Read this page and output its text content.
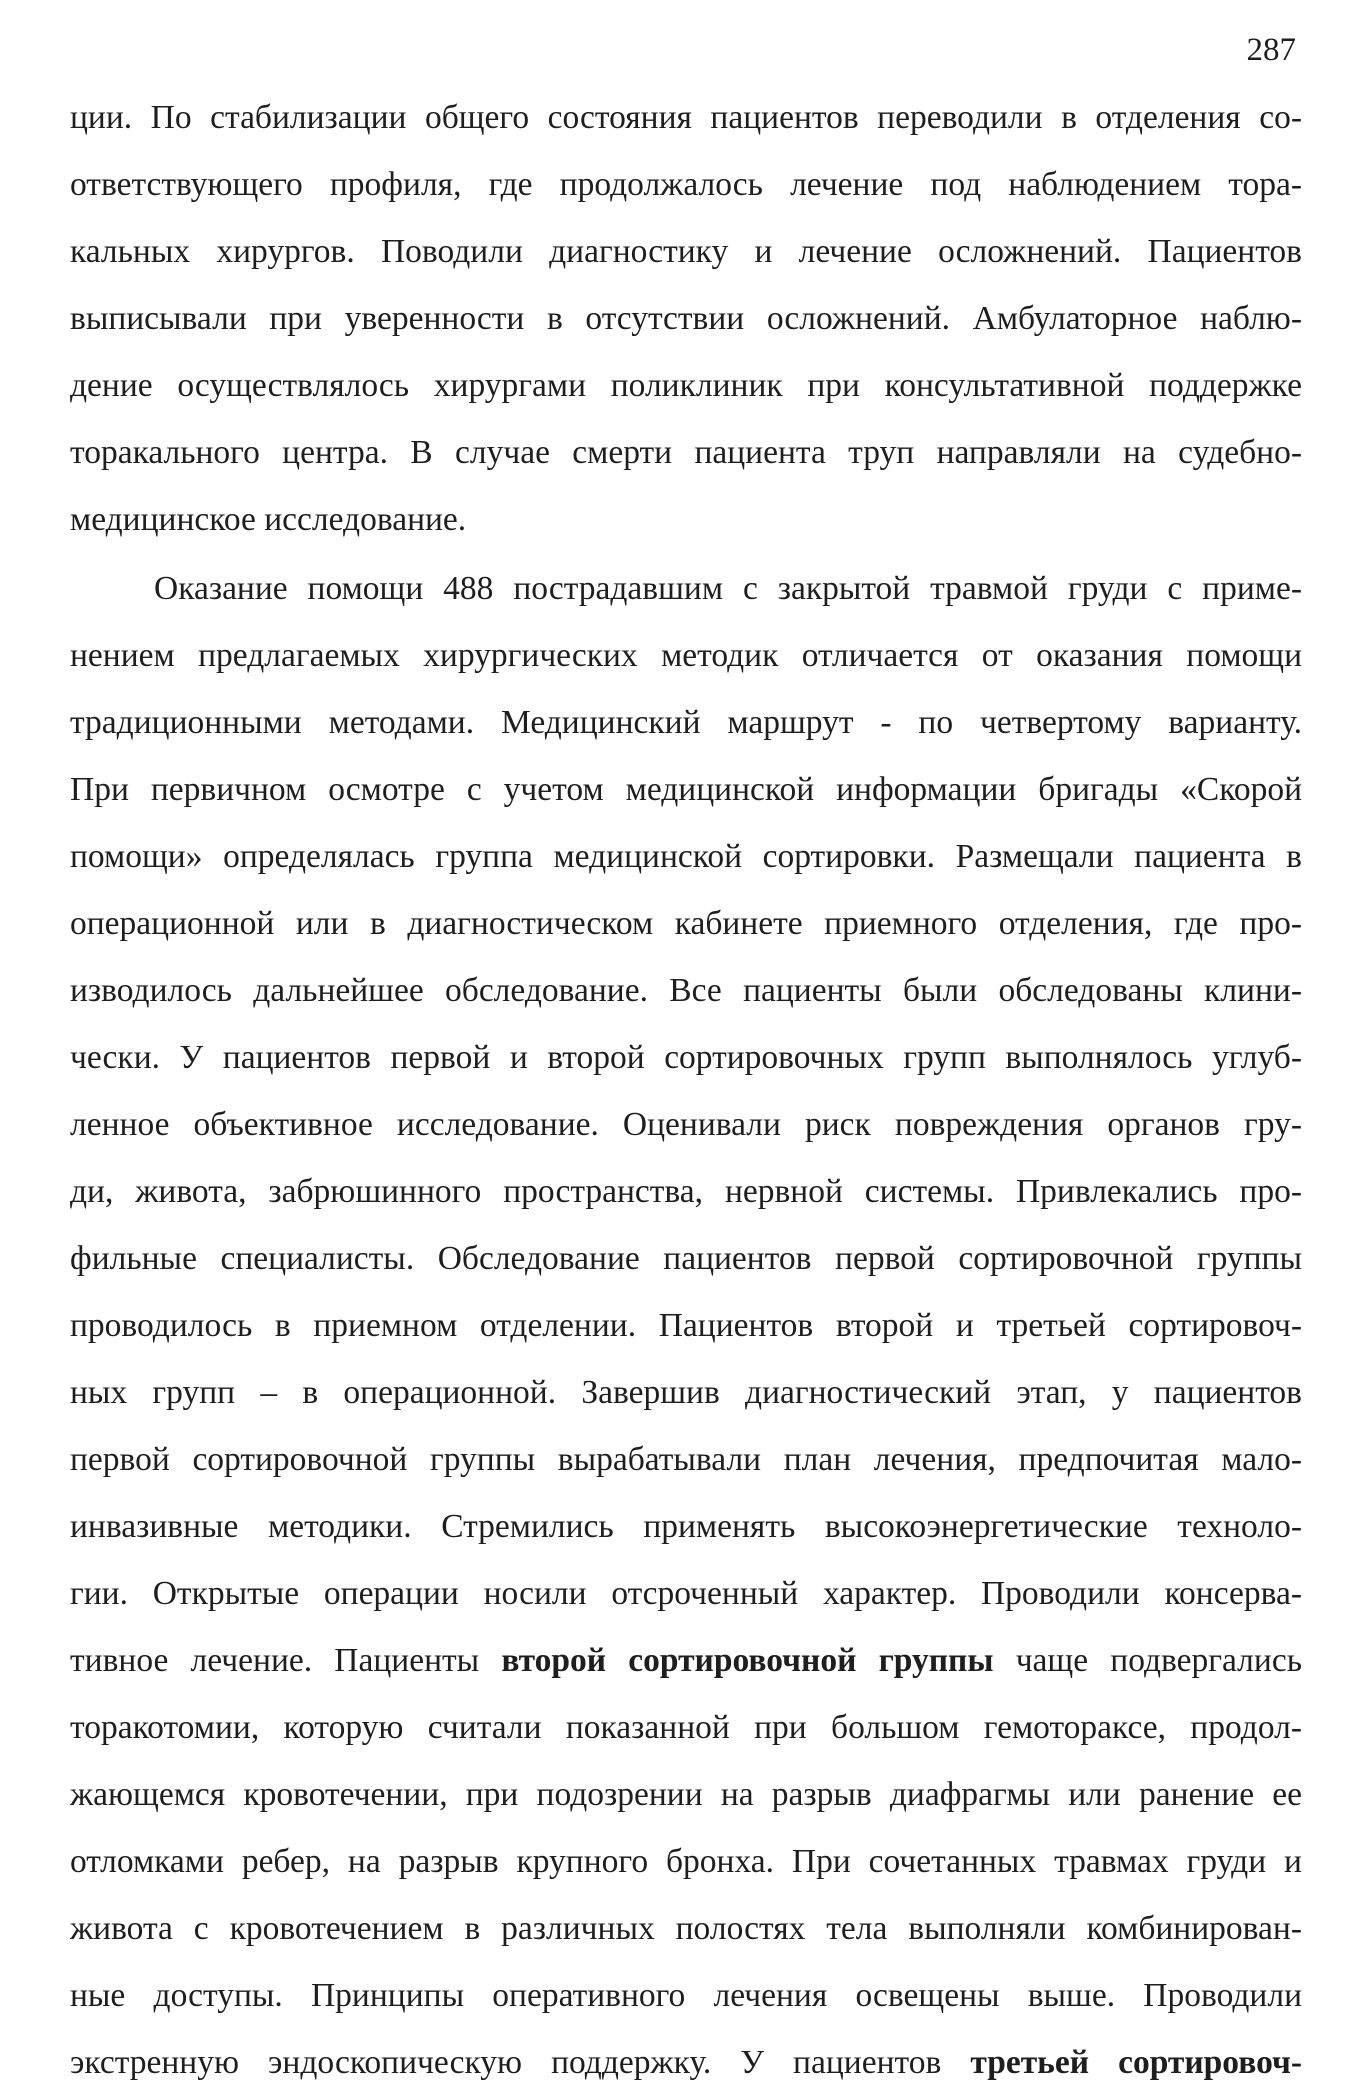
287
ции. По стабилизации общего состояния пациентов переводили в отделения со-
ответствующего профиля, где продолжалось лечение под наблюдением тора-
кальных хирургов. Поводили диагностику и лечение осложнений. Пациентов
выписывали при уверенности в отсутствии осложнений. Амбулаторное наблю-
дение осуществлялось хирургами поликлиник при консультативной поддержке
торакального центра. В случае смерти пациента труп направляли на судебно-
медицинское исследование.
Оказание помощи 488 пострадавшим с закрытой травмой груди с приме-
нением предлагаемых хирургических методик отличается от оказания помощи
традиционными методами. Медицинский маршрут - по четвертому варианту.
При первичном осмотре с учетом медицинской информации бригады «Скорой
помощи» определялась группа медицинской сортировки. Размещали пациента в
операционной или в диагностическом кабинете приемного отделения, где про-
изводилось дальнейшее обследование. Все пациенты были обследованы клини-
чески. У пациентов первой и второй сортировочных групп выполнялось углуб-
ленное объективное исследование. Оценивали риск повреждения органов гру-
ди, живота, забрюшинного пространства, нервной системы. Привлекались про-
фильные специалисты. Обследование пациентов первой сортировочной группы
проводилось в приемном отделении. Пациентов второй и третьей сортировоч-
ных групп – в операционной. Завершив диагностический этап, у пациентов
первой сортировочной группы вырабатывали план лечения, предпочитая мало-
инвазивные методики. Стремились применять высокоэнергетические техноло-
гии. Открытые операции носили отсроченный характер. Проводили консерва-
тивное лечение. Пациенты второй сортировочной группы чаще подвергались
торакотомии, которую считали показанной при большом гемотораксе, продол-
жающемся кровотечении, при подозрении на разрыв диафрагмы или ранение ее
отломками ребер, на разрыв крупного бронха. При сочетанных травмах груди и
живота с кровотечением в различных полостях тела выполняли комбинирован-
ные доступы. Принципы оперативного лечения освещены выше. Проводили
экстренную эндоскопическую поддержку. У пациентов третьей сортировоч-
